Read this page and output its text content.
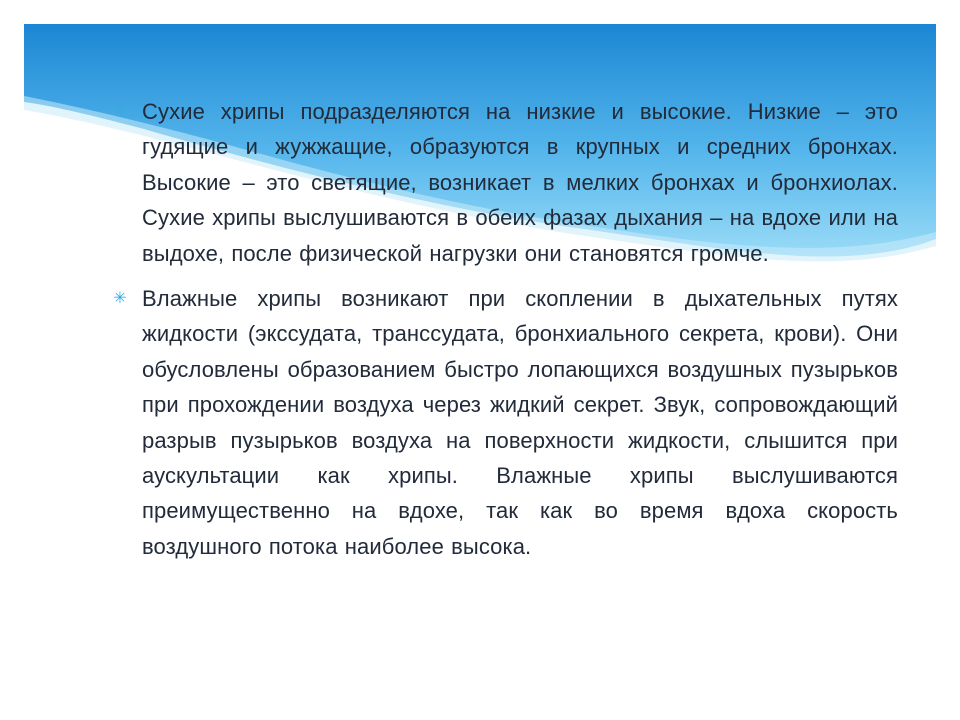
✳ Сухие хрипы подразделяются на низкие и высокие. Низкие – это гудящие и жужжащие, образуются в крупных и средних бронхах. Высокие – это светящие, возникает в мелких бронхах и бронхиолах. Сухие хрипы выслушиваются в обеих фазах дыхания – на вдохе или на выдохе, после физической нагрузки они становятся громче.
✳ Влажные хрипы возникают при скоплении в дыхательных путях жидкости (экссудата, транссудата, бронхиального секрета, крови). Они обусловлены образованием быстро лопающихся воздушных пузырьков при прохождении воздуха через жидкий секрет. Звук, сопровождающий разрыв пузырьков воздуха на поверхности жидкости, слышится при аускультации как хрипы. Влажные хрипы выслушиваются преимущественно на вдохе, так как во время вдоха скорость воздушного потока наиболее высока.
